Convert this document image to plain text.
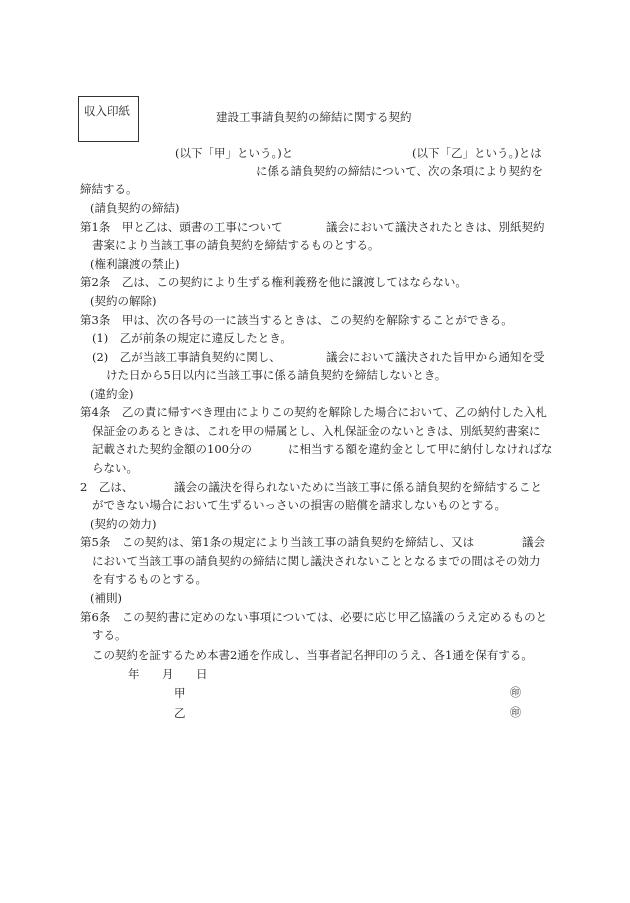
収入印紙	建設工事請負契約の締結に関する契約
(以下「甲」という。)と	(以下「乙」という。)とは
に係る請負契約の締結について、次の条項により契約を
締結する。
(請負契約の締結)
第1条　甲と乙は、頭書の工事について	議会において議決されたときは、別紙契約
書案により当該工事の請負契約を締結するものとする。
(権利譲渡の禁止)
第2条　乙は、この契約により生ずる権利義務を他に譲渡してはならない。
(契約の解除)
第3条　甲は、次の各号の一に該当するときは、この契約を解除することができる。
(1)　乙が前条の規定に違反したとき。
(2)　乙が当該工事請負契約に関し、	議会において議決された旨甲から通知を受
けた日から5日以内に当該工事に係る請負契約を締結しないとき。
(違約金)
第4条　乙の責に帰すべき理由によりこの契約を解除した場合において、乙の納付した入札
保証金のあるときは、これを甲の帰属とし、入札保証金のないときは、別紙契約書案に
記載された契約金額の100分の	に相当する額を違約金として甲に納付しなければな
らない。
2　乙は、	議会の議決を得られないために当該工事に係る請負契約を締結すること
ができない場合において生ずるいっさいの損害の賠償を請求しないものとする。
(契約の効力)
第5条　この契約は、第1条の規定により当該工事の請負契約を締結し、又は	議会
において当該工事の請負契約の締結に関し議決されないこととなるまでの間はその効力
を有するものとする。
(補則)
第6条　この契約書に定めのない事項については、必要に応じ甲乙協議のうえ定めるものと
する。
この契約を証するため本書2通を作成し、当事者記名押印のうえ、各1通を保有する。
年 月 日
甲	㊞
乙	㊞
